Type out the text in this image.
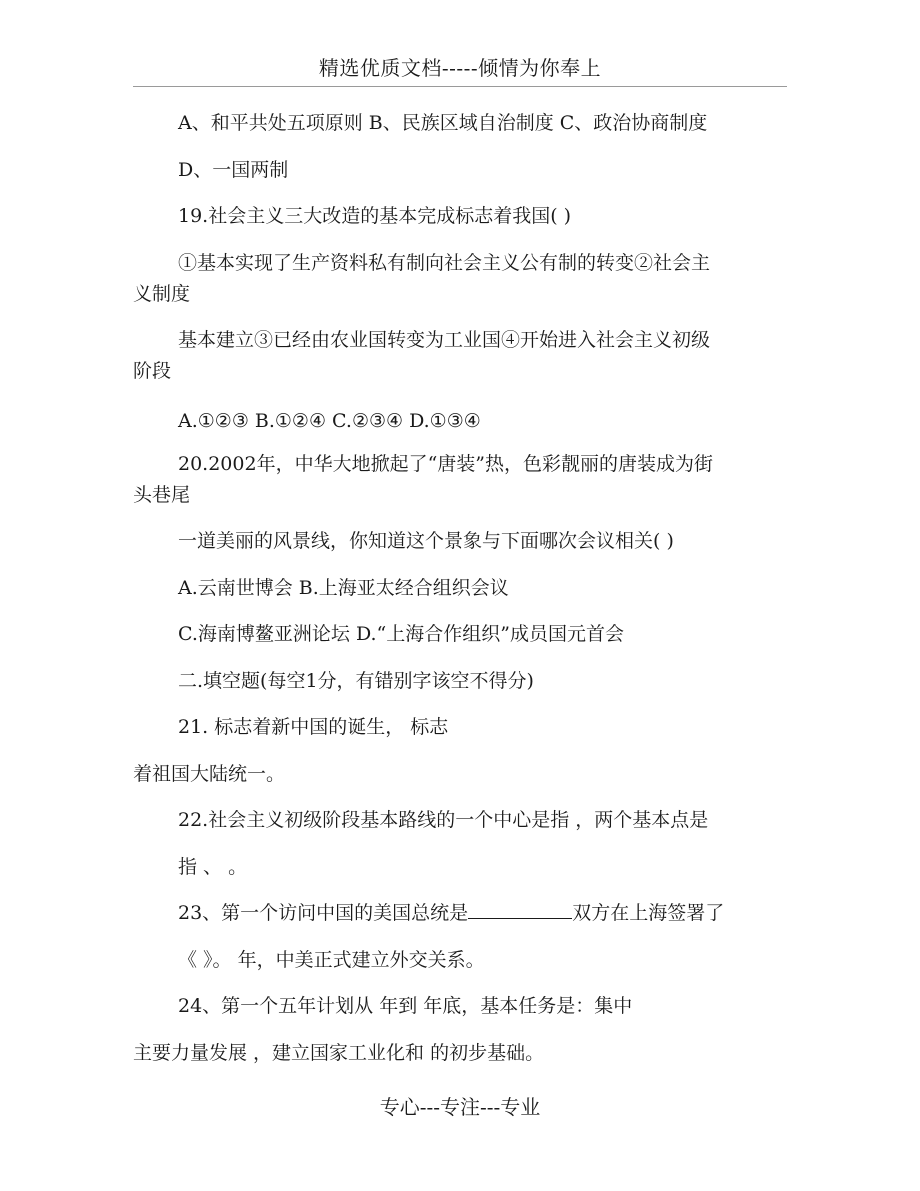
精选优质文档-----倾情为你奉上
A、和平共处五项原则 B、民族区域自治制度 C、政治协商制度
D、一国两制
19.社会主义三大改造的基本完成标志着我国( )
①基本实现了生产资料私有制向社会主义公有制的转变②社会主
义制度
基本建立③已经由农业国转变为工业国④开始进入社会主义初级
阶段
A.①②③ B.①②④ C.②③④ D.①③④
20.2002年，中华大地掀起了“唐装”热，色彩靓丽的唐装成为街
头巷尾
一道美丽的风景线，你知道这个景象与下面哪次会议相关( )
A.云南世博会 B.上海亚太经合组织会议
C.海南博鳌亚洲论坛 D.“上海合作组织”成员国元首会
二.填空题(每空1分，有错别字该空不得分)
21. 标志着新中国的诞生， 标志
着祖国大陆统一。
22.社会主义初级阶段基本路线的一个中心是指 ，两个基本点是
指 、 。
23、第一个访问中国的美国总统是	双方在上海签署了
《 》。 年，中美正式建立外交关系。
24、第一个五年计划从 年到 年底，基本任务是：集中
主要力量发展 ，建立国家工业化和 的初步基础。
专心---专注---专业
